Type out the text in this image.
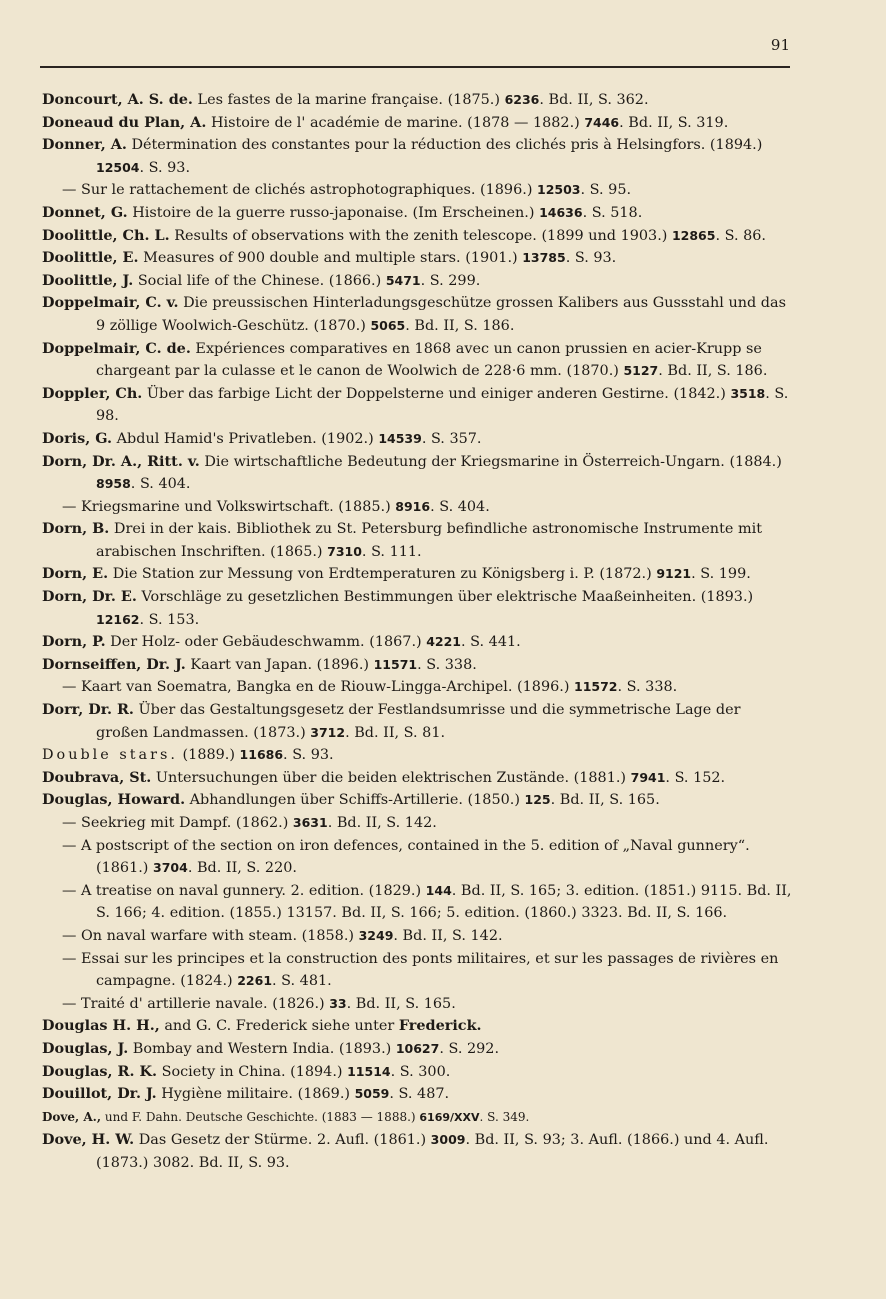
91

Doncourt, A. S. de. Les fastes de la marine française. (1875.) 6236. Bd. II, S. 362.

Doneaud du Plan, A. Histoire de l' académie de marine. (1878 — 1882.) 7446. Bd. II, S. 319.

Donner, A. Détermination des constantes pour la réduction des clichés pris à Helsingfors. (1894.) 12504. S. 93.

— Sur le rattachement de clichés astrophotographiques. (1896.) 12503. S. 95.

Donnet, G. Histoire de la guerre russo-japonaise. (Im Erscheinen.) 14636. S. 518.

Doolittle, Ch. L. Results of observations with the zenith telescope. (1899 und 1903.) 12865. S. 86.

Doolittle, E. Measures of 900 double and multiple stars. (1901.) 13785. S. 93.

Doolittle, J. Social life of the Chinese. (1866.) 5471. S. 299.

Doppelmair, C. v. Die preussischen Hinterladungsgeschütze grossen Kalibers aus Gussstahl und das 9 zöllige Woolwich-Geschütz. (1870.) 5065. Bd. II, S. 186.

Doppelmair, C. de. Expériences comparatives en 1868 avec un canon prussien en acier-Krupp se chargeant par la culasse et le canon de Woolwich de 228·6 mm. (1870.) 5127. Bd. II, S. 186.

Doppler, Ch. Über das farbige Licht der Doppelsterne und einiger anderen Gestirne. (1842.) 3518. S. 98.

Doris, G. Abdul Hamid's Privatleben. (1902.) 14539. S. 357.

Dorn, Dr. A., Ritt. v. Die wirtschaftliche Bedeutung der Kriegsmarine in Österreich-Ungarn. (1884.) 8958. S. 404.

— Kriegsmarine und Volkswirtschaft. (1885.) 8916. S. 404.

Dorn, B. Drei in der kais. Bibliothek zu St. Petersburg befindliche astronomische Instrumente mit arabischen Inschriften. (1865.) 7310. S. 111.

Dorn, E. Die Station zur Messung von Erdtemperaturen zu Königsberg i. P. (1872.) 9121. S. 199.

Dorn, Dr. E. Vorschläge zu gesetzlichen Bestimmungen über elektrische Maaßeinheiten. (1893.) 12162. S. 153.

Dorn, P. Der Holz- oder Gebäudeschwamm. (1867.) 4221. S. 441.

Dornseiffen, Dr. J. Kaart van Japan. (1896.) 11571. S. 338.

— Kaart van Soematra, Bangka en de Riouw-Lingga-Archipel. (1896.) 11572. S. 338.

Dorr, Dr. R. Über das Gestaltungsgesetz der Festlandsumrisse und die symmetrische Lage der großen Landmassen. (1873.) 3712. Bd. II, S. 81.

Double stars. (1889.) 11686. S. 93.

Doubrava, St. Untersuchungen über die beiden elektrischen Zustände. (1881.) 7941. S. 152.

Douglas, Howard. Abhandlungen über Schiffs-Artillerie. (1850.) 125. Bd. II, S. 165.

— Seekrieg mit Dampf. (1862.) 3631. Bd. II, S. 142.

— A postscript of the section on iron defences, contained in the 5. edition of „Naval gunnery“. (1861.) 3704. Bd. II, S. 220.

— A treatise on naval gunnery. 2. edition. (1829.) 144. Bd. II, S. 165; 3. edition. (1851.) 9115. Bd. II, S. 166; 4. edition. (1855.) 13157. Bd. II, S. 166; 5. edition. (1860.) 3323. Bd. II, S. 166.

— On naval warfare with steam. (1858.) 3249. Bd. II, S. 142.

— Essai sur les principes et la construction des ponts militaires, et sur les passages de rivières en campagne. (1824.) 2261. S. 481.

— Traité d' artillerie navale. (1826.) 33. Bd. II, S. 165.

Douglas H. H., and G. C. Frederick siehe unter Frederick.

Douglas, J. Bombay and Western India. (1893.) 10627. S. 292.

Douglas, R. K. Society in China. (1894.) 11514. S. 300.

Douillot, Dr. J. Hygiène militaire. (1869.) 5059. S. 487.

Dove, A., und F. Dahn. Deutsche Geschichte. (1883 — 1888.) 6169/XXV. S. 349.

Dove, H. W. Das Gesetz der Stürme. 2. Aufl. (1861.) 3009. Bd. II, S. 93; 3. Aufl. (1866.) und 4. Aufl. (1873.) 3082. Bd. II, S. 93.
